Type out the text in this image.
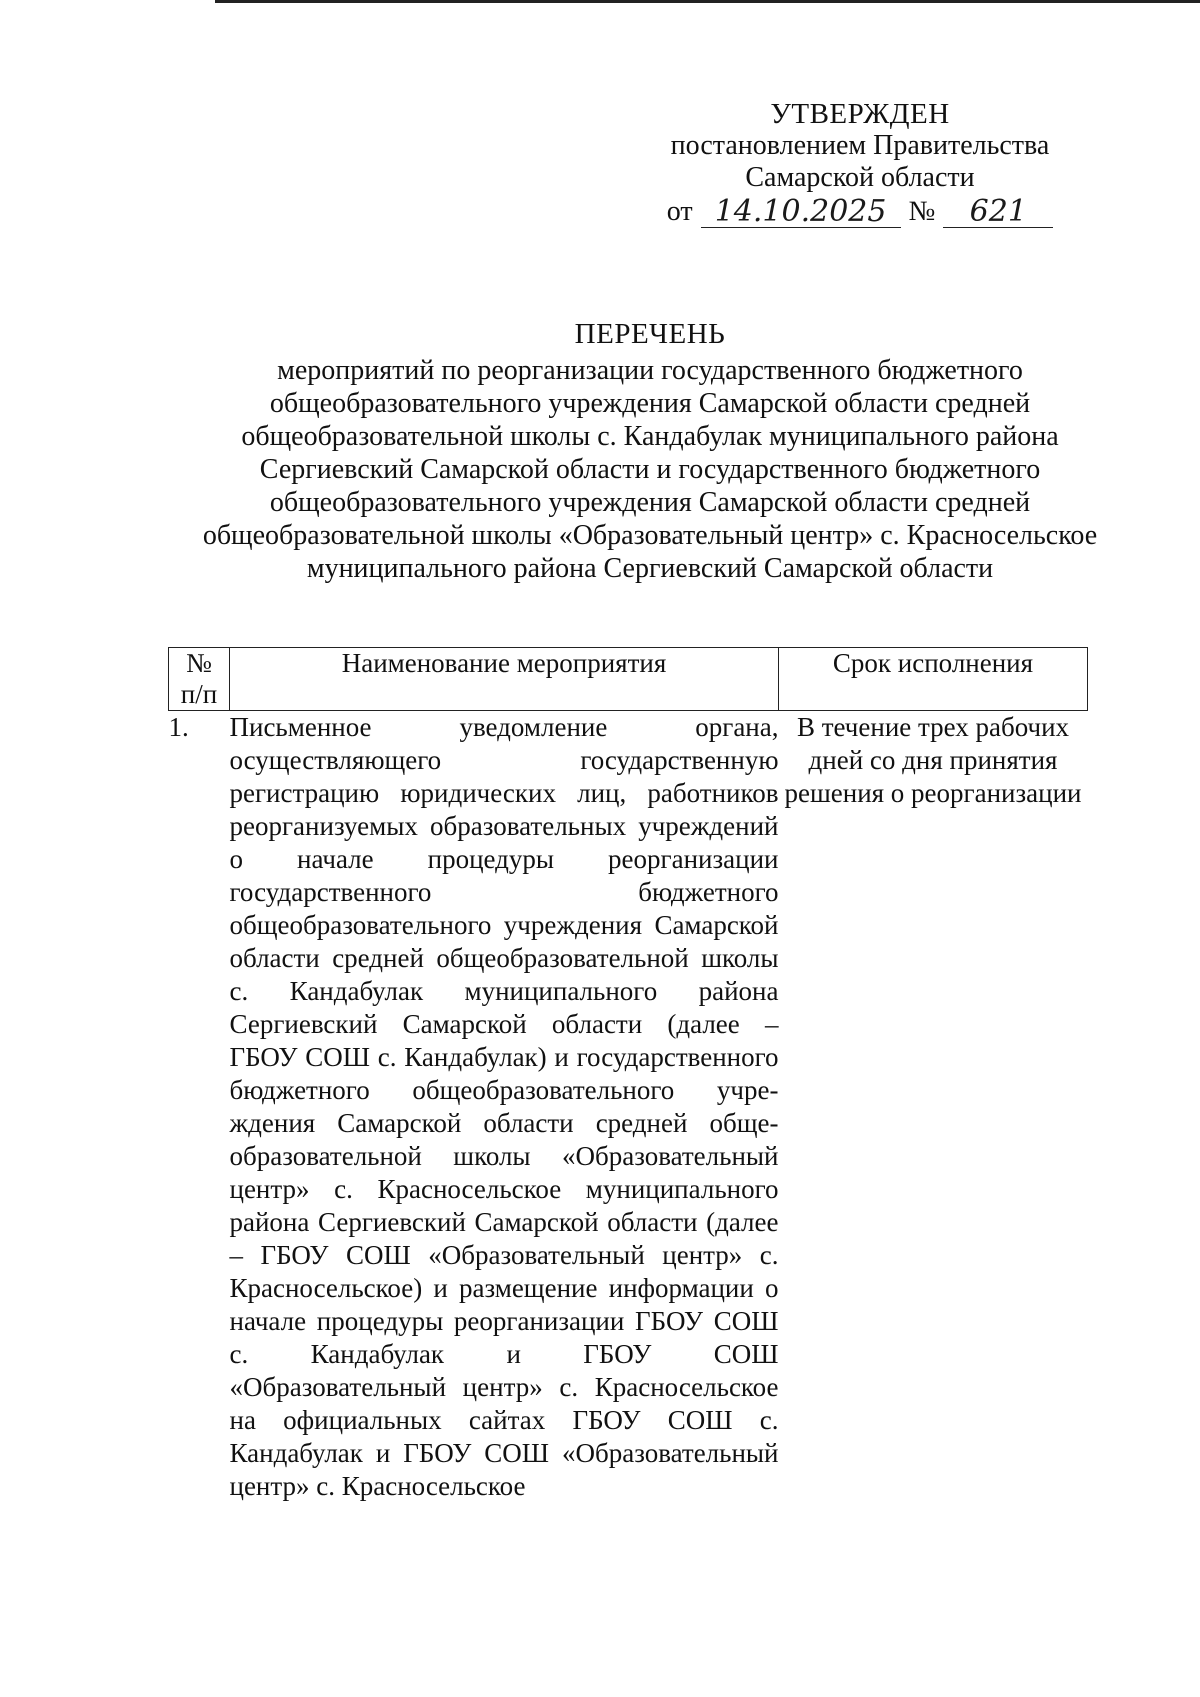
УТВЕРЖДЕН
постановлением Правительства
Самарской области
от 14.10.2025 №	621
ПЕРЕЧЕНЬ
мероприятий по реорганизации государственного бюджетного
общеобразовательного учреждения Самарской области средней
общеобразовательной школы с. Кандабулак муниципального района
Сергиевский Самарской области и государственного бюджетного
общеобразовательного учреждения Самарской области средней
общеобразовательной школы «Образовательный центр» с. Красносельское
муниципального района Сергиевский Самарской области
№
п/п	Наименование мероприятия	Срок исполнения
1.	Письменное уведомление органа, осуществляющего государственную регистрацию юридических лиц, работников реорганизуемых образовательных учреждений о начале процедуры реорганизации государственного бюджетного общеобразовательного учреждения Самарской области средней общеобразовательной школы с. Кандабулак муниципального района Сергиевский Самарской области (далее – ГБОУ СОШ с. Кандабулак) и государственного бюджетного общеобразовательного учреждения Самарской области средней общеобразовательной школы «Образовательный центр» с. Красносельское муниципального района Сергиевский Самарской области (далее – ГБОУ СОШ «Образовательный центр» с. Красносельское) и размещение информации о начале процедуры реорганизации ГБОУ СОШ с. Кандабулак и ГБОУ СОШ «Образовательный центр» с. Красносельское на официальных сайтах ГБОУ СОШ с. Кандабулак и ГБОУ СОШ «Образовательный центр» с. Красносельское	В течение трех рабочих дней со дня принятия решения о реорганизации
